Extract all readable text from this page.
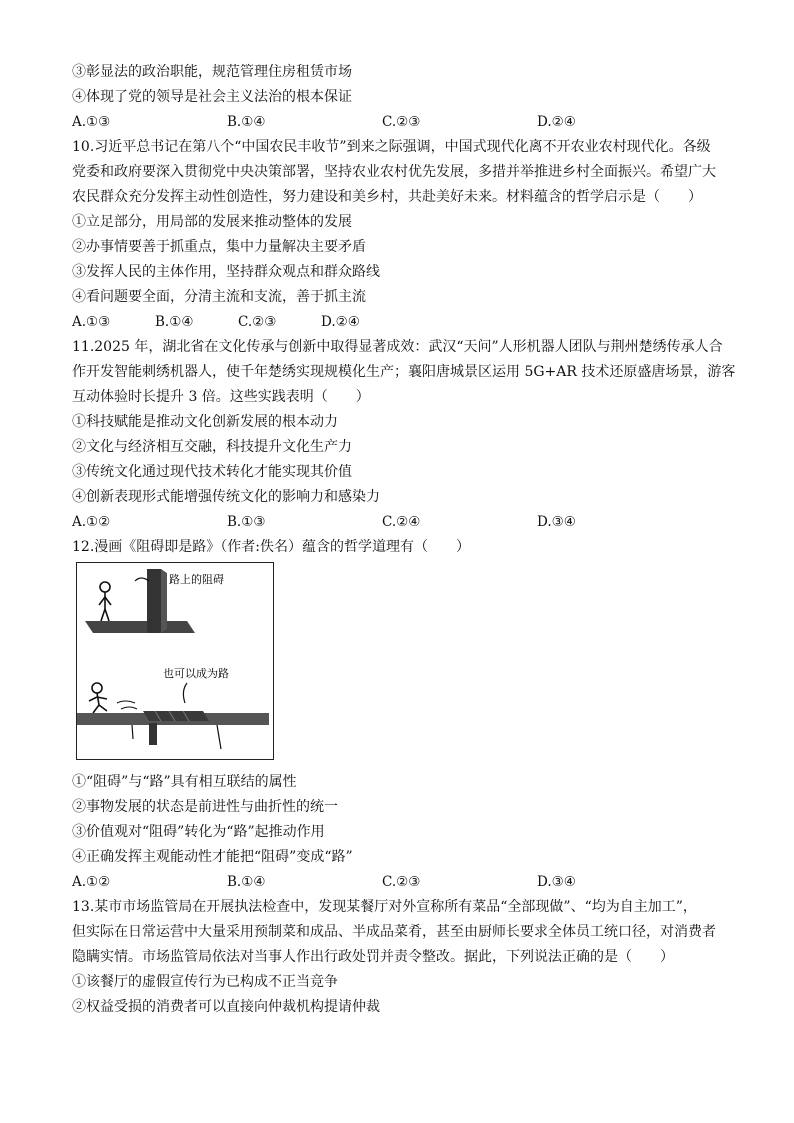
③彰显法的政治职能，规范管理住房租赁市场
④体现了党的领导是社会主义法治的根本保证
A.①③	B.①④	C.②③	D.②④
10.习近平总书记在第八个“中国农民丰收节”到来之际强调，中国式现代化离不开农业农村现代化。各级
党委和政府要深入贯彻党中央决策部署，坚持农业农村优先发展，多措并举推进乡村全面振兴。希望广大
农民群众充分发挥主动性创造性，努力建设和美乡村，共赴美好未来。材料蕴含的哲学启示是（　　）
①立足部分，用局部的发展来推动整体的发展
②办事情要善于抓重点，集中力量解决主要矛盾
③发挥人民的主体作用，坚持群众观点和群众路线
④看问题要全面，分清主流和支流，善于抓主流
A.①③	B.①④	C.②③	D.②④
11.2025 年，湖北省在文化传承与创新中取得显著成效：武汉“天问”人形机器人团队与荆州楚绣传承人合
作开发智能刺绣机器人，使千年楚绣实现规模化生产；襄阳唐城景区运用 5G+AR 技术还原盛唐场景，游客
互动体验时长提升 3 倍。这些实践表明（　　）
①科技赋能是推动文化创新发展的根本动力
②文化与经济相互交融，科技提升文化生产力
③传统文化通过现代技术转化才能实现其价值
④创新表现形式能增强传统文化的影响力和感染力
A.①②	B.①③	C.②④	D.③④
12.漫画《阻碍即是路》（作者:佚名）蕴含的哲学道理有（　　）
路上的阻碍
也可以成为路
①“阻碍”与“路”具有相互联结的属性
②事物发展的状态是前进性与曲折性的统一
③价值观对“阻碍”转化为“路”起推动作用
④正确发挥主观能动性才能把“阻碍”变成“路”
A.①②	B.①④	C.②③	D.③④
13.某市市场监管局在开展执法检查中，发现某餐厅对外宣称所有菜品“全部现做”、“均为自主加工”，
但实际在日常运营中大量采用预制菜和成品、半成品菜肴，甚至由厨师长要求全体员工统口径，对消费者
隐瞒实情。市场监管局依法对当事人作出行政处罚并责令整改。据此，下列说法正确的是（　　）
①该餐厅的虚假宣传行为已构成不正当竞争
②权益受损的消费者可以直接向仲裁机构提请仲裁
